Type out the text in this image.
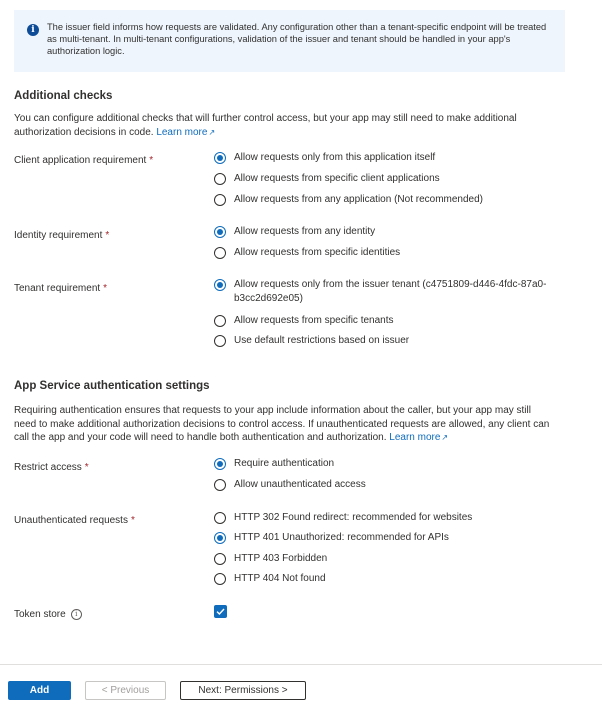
i	The issuer field informs how requests are validated. Any configuration other than a tenant-specific endpoint will be treated as multi-tenant. In multi-tenant configurations, validation of the issuer and tenant should be handled in your app's authorization logic.
Additional checks
You can configure additional checks that will further control access, but your app may still need to make additional authorization decisions in code. Learn more↗
Client application requirement *	Allow requests only from this application itself
Allow requests from specific client applications
Allow requests from any application (Not recommended)
Identity requirement *	Allow requests from any identity
Allow requests from specific identities
Tenant requirement *	Allow requests only from the issuer tenant (c4751809-d446-4fdc-87a0-
b3cc2d692e05)
Allow requests from specific tenants
Use default restrictions based on issuer
App Service authentication settings
Requiring authentication ensures that requests to your app include information about the caller, but your app may still need to make additional authorization decisions to control access. If unauthenticated requests are allowed, any client can call the app and your code will need to handle both authentication and authorization. Learn more↗
Restrict access *	Require authentication
Allow unauthenticated access
Unauthenticated requests *	HTTP 302 Found redirect: recommended for websites
HTTP 401 Unauthorized: recommended for APIs
HTTP 403 Forbidden
HTTP 404 Not found
Token store i
Add	< Previous	Next: Permissions >
